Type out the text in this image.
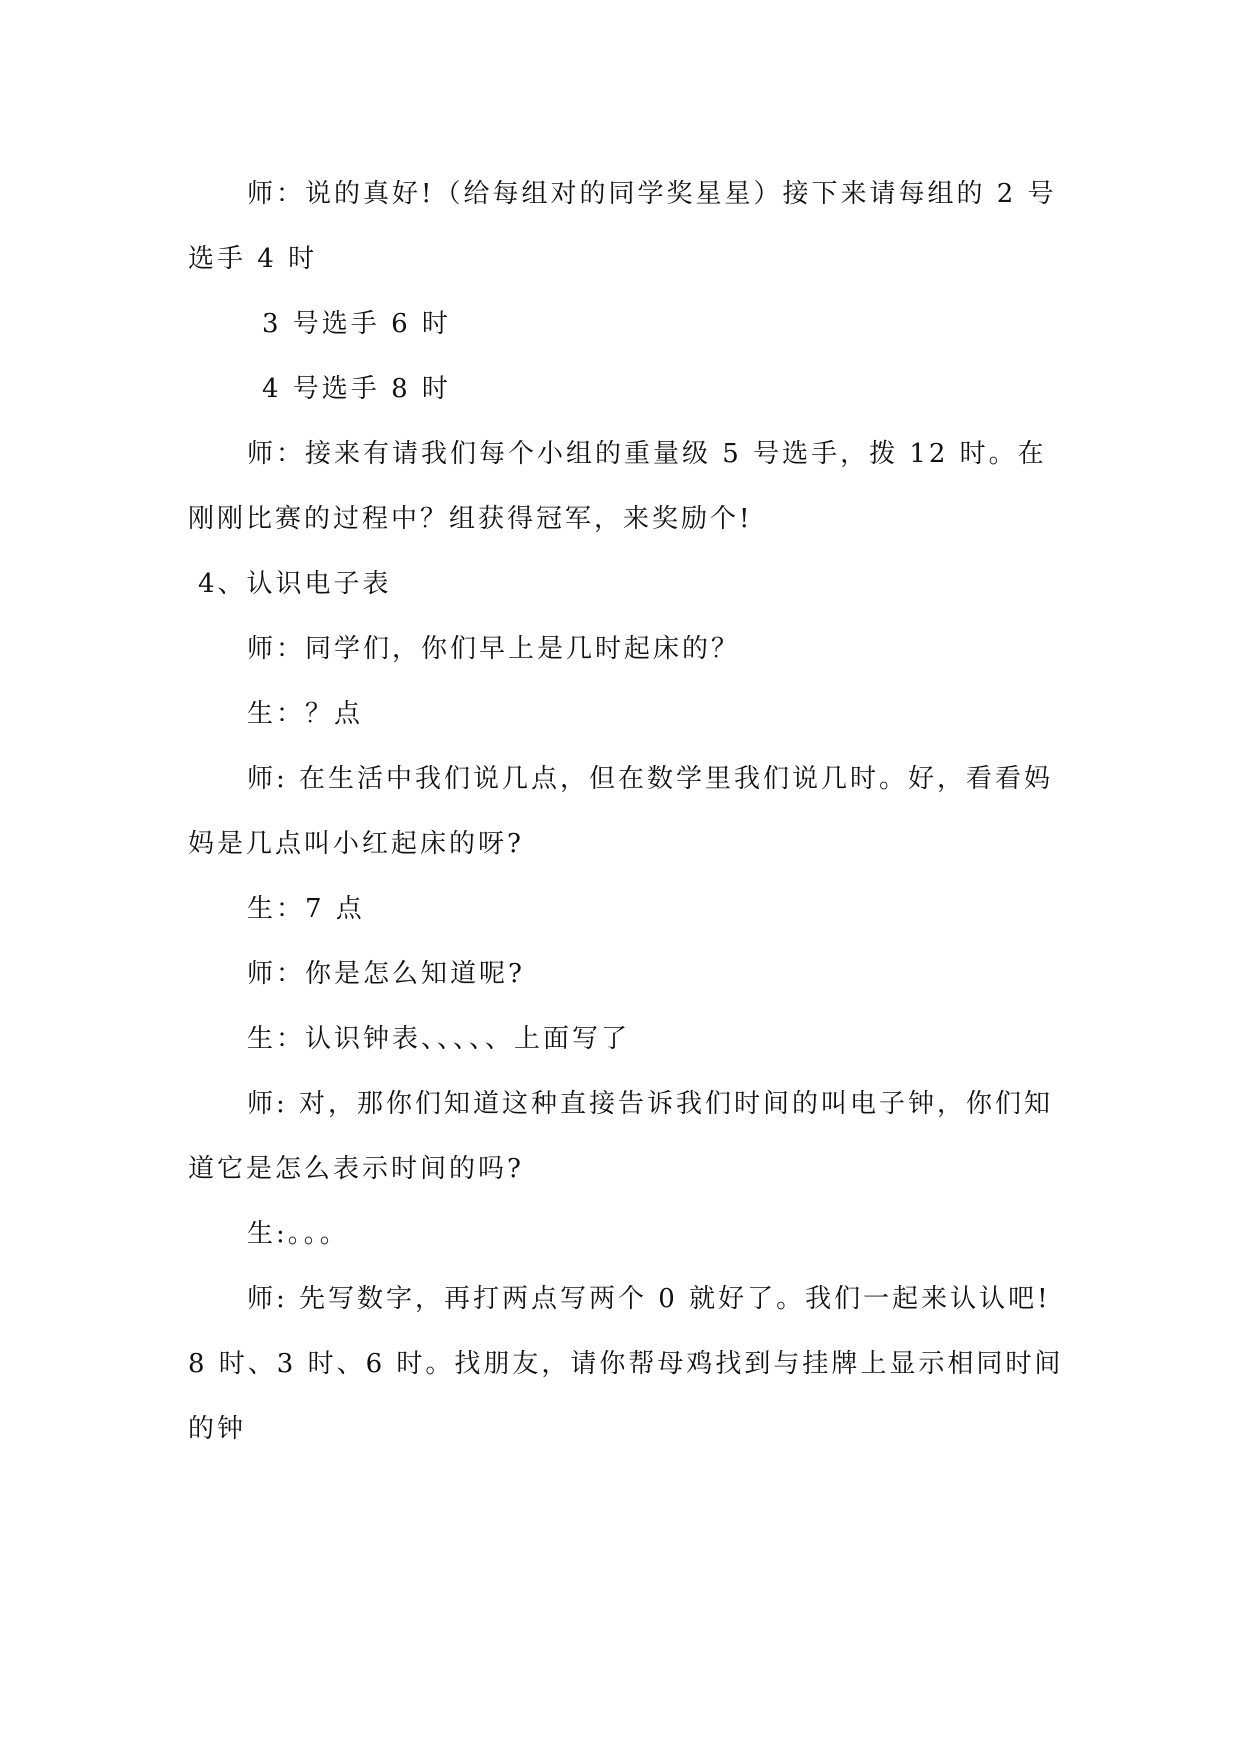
师：说的真好!（给每组对的同学奖星星）接下来请每组的 2 号选手 4 时

3 号选手 6 时

4 号选手 8 时

师：接来有请我们每个小组的重量级 5 号选手，拨 12 时。在刚刚比赛的过程中？组获得冠军，来奖励个!

4、认识电子表

师：同学们，你们早上是几时起床的？

生：？点

师: 在生活中我们说几点，但在数学里我们说几时。好，看看妈妈是几点叫小红起床的呀?

生：7 点

师：你是怎么知道呢?

生：认识钟表、、、、、上面写了

师: 对，那你们知道这种直接告诉我们时间的叫电子钟，你们知道它是怎么表示时间的吗?

生:。。。

师: 先写数字，再打两点写两个 0 就好了。我们一起来认认吧! 8 时、3 时、6 时。找朋友，请你帮母鸡找到与挂牌上显示相同时间的钟
